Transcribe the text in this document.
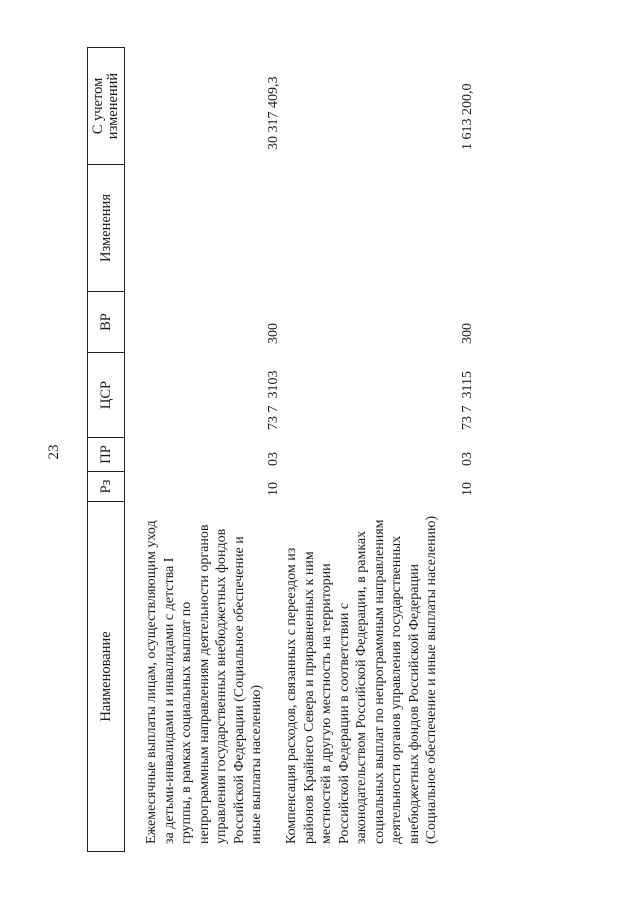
23
Наименование
Рз
ПР
ЦСР
ВР
Изменения
С учетом
изменений
Ежемесячные выплаты лицам, осуществляющим уход за детьми-инвалидами и инвалидами с детства I группы, в рамках социальных выплат по непрограммным направлениям деятельности органов управления государственных внебюджетных фондов Российской Федерации (Социальное обеспечение и иные выплаты населению)
10
03
73 7  3103
300
30 317 409,3
Компенсация расходов, связанных с переездом из районов Крайнего Севера и приравненных к ним местностей в другую местность на территории Российской Федерации в соответствии с законодательством Российской Федерации, в рамках социальных выплат по непрограммным направлениям деятельности органов управления государственных внебюджетных фондов Российской Федерации (Социальное обеспечение и иные выплаты населению)
10
03
73 7  3115
300
1 613 200,0
